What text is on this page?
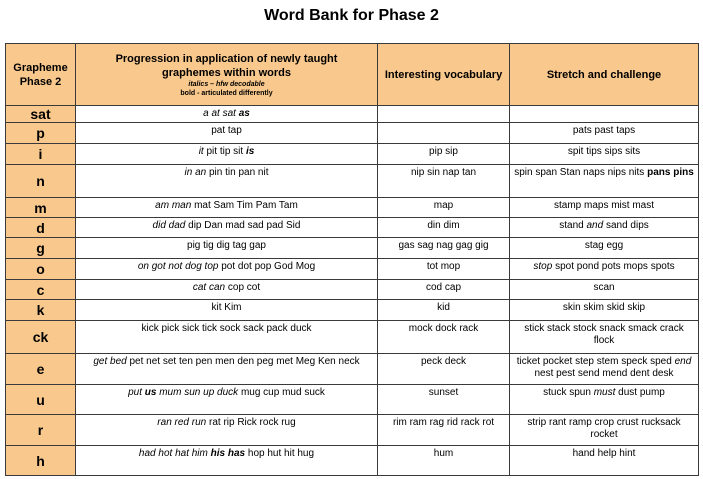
Word Bank for Phase 2
Grapheme
Phase 2	Progression in application of newly taught
graphemes within words
italics – hfw decodable
bold - articulated differently	Interesting vocabulary	Stretch and challenge
sat	a at sat as		
p	pat tap		pats past taps
i	it pit tip sit is	pip sip	spit tips sips sits
n	in an pin tin pan nit	nip sin nap tan	spin span Stan naps nips nits pans pins
m	am man mat Sam Tim Pam Tam	map	stamp maps mist mast
d	did dad dip Dan mad sad pad Sid	din dim	stand and sand dips
g	pig tig dig tag gap	gas sag nag gag gig	stag egg
o	on got not dog top pot dot pop God Mog	tot mop	stop spot pond pots mops spots
c	cat can cop cot	cod cap	scan
k	kit Kim	kid	skin skim skid skip
ck	kick pick sick tick sock sack pack duck	mock dock rack	stick stack stock snack smack crack flock
e	get bed pet net set ten pen men den peg met Meg Ken neck	peck deck	ticket pocket step stem speck sped end nest pest send mend dent desk
u	put us mum sun up duck mug cup mud suck	sunset	stuck spun must dust pump
r	ran red run rat rip Rick rock rug	rim ram rag rid rack rot	strip rant ramp crop crust rucksack rocket
h	had hot hat him his has hop hut hit hug	hum	hand help hint
